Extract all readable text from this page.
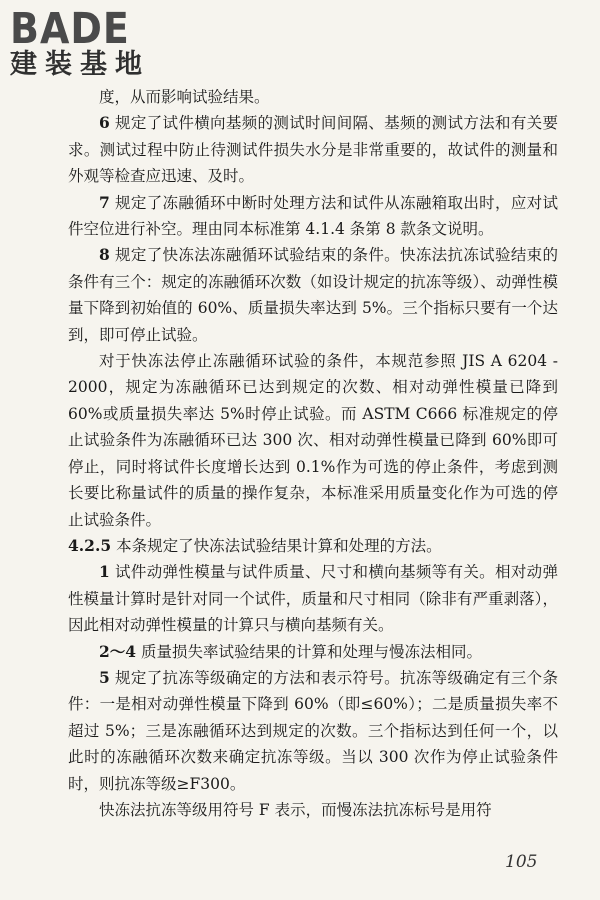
BADE
建装基地

度，从而影响试验结果。

6 规定了试件横向基频的测试时间间隔、基频的测试方法和有关要求。测试过程中防止待测试件损失水分是非常重要的，故试件的测量和外观等检查应迅速、及时。

7 规定了冻融循环中断时处理方法和试件从冻融箱取出时，应对试件空位进行补空。理由同本标准第 4.1.4 条第 8 款条文说明。

8 规定了快冻法冻融循环试验结束的条件。快冻法抗冻试验结束的条件有三个：规定的冻融循环次数（如设计规定的抗冻等级）、动弹性模量下降到初始值的 60%、质量损失率达到 5%。三个指标只要有一个达到，即可停止试验。

对于快冻法停止冻融循环试验的条件，本规范参照 JIS A 6204 - 2000，规定为冻融循环已达到规定的次数、相对动弹性模量已降到 60%或质量损失率达 5%时停止试验。而 ASTM C666 标准规定的停止试验条件为冻融循环已达 300 次、相对动弹性模量已降到 60%即可停止，同时将试件长度增长达到 0.1%作为可选的停止条件，考虑到测长要比称量试件的质量的操作复杂，本标准采用质量变化作为可选的停止试验条件。

4.2.5 本条规定了快冻法试验结果计算和处理的方法。

1 试件动弹性模量与试件质量、尺寸和横向基频等有关。相对动弹性模量计算时是针对同一个试件，质量和尺寸相同（除非有严重剥落），因此相对动弹性模量的计算只与横向基频有关。

2～4 质量损失率试验结果的计算和处理与慢冻法相同。

5 规定了抗冻等级确定的方法和表示符号。抗冻等级确定有三个条件：一是相对动弹性模量下降到 60%（即≤60%）；二是质量损失率不超过 5%；三是冻融循环达到规定的次数。三个指标达到任何一个，以此时的冻融循环次数来确定抗冻等级。当以 300 次作为停止试验条件时，则抗冻等级≥F300。

快冻法抗冻等级用符号 F 表示，而慢冻法抗冻标号是用符

105
